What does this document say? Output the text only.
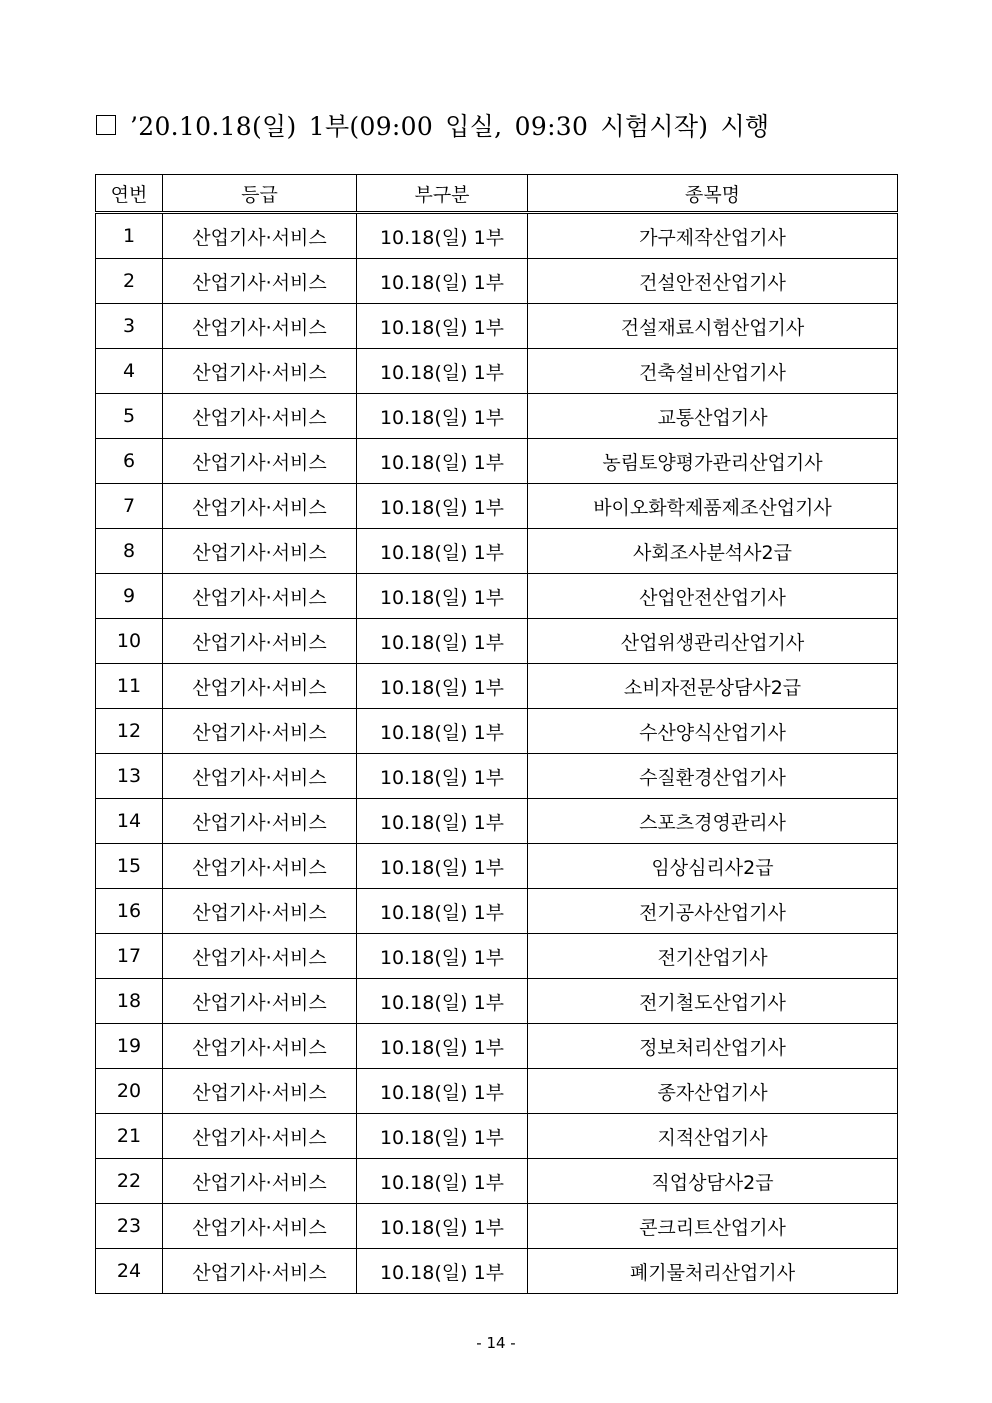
’20.10.18(일) 1부(09:00 입실, 09:30 시험시작) 시행
연번	등급	부구분	종목명
1	산업기사·서비스	10.18(일) 1부	가구제작산업기사
2	산업기사·서비스	10.18(일) 1부	건설안전산업기사
3	산업기사·서비스	10.18(일) 1부	건설재료시험산업기사
4	산업기사·서비스	10.18(일) 1부	건축설비산업기사
5	산업기사·서비스	10.18(일) 1부	교통산업기사
6	산업기사·서비스	10.18(일) 1부	농림토양평가관리산업기사
7	산업기사·서비스	10.18(일) 1부	바이오화학제품제조산업기사
8	산업기사·서비스	10.18(일) 1부	사회조사분석사2급
9	산업기사·서비스	10.18(일) 1부	산업안전산업기사
10	산업기사·서비스	10.18(일) 1부	산업위생관리산업기사
11	산업기사·서비스	10.18(일) 1부	소비자전문상담사2급
12	산업기사·서비스	10.18(일) 1부	수산양식산업기사
13	산업기사·서비스	10.18(일) 1부	수질환경산업기사
14	산업기사·서비스	10.18(일) 1부	스포츠경영관리사
15	산업기사·서비스	10.18(일) 1부	임상심리사2급
16	산업기사·서비스	10.18(일) 1부	전기공사산업기사
17	산업기사·서비스	10.18(일) 1부	전기산업기사
18	산업기사·서비스	10.18(일) 1부	전기철도산업기사
19	산업기사·서비스	10.18(일) 1부	정보처리산업기사
20	산업기사·서비스	10.18(일) 1부	종자산업기사
21	산업기사·서비스	10.18(일) 1부	지적산업기사
22	산업기사·서비스	10.18(일) 1부	직업상담사2급
23	산업기사·서비스	10.18(일) 1부	콘크리트산업기사
24	산업기사·서비스	10.18(일) 1부	폐기물처리산업기사
- 14 -
